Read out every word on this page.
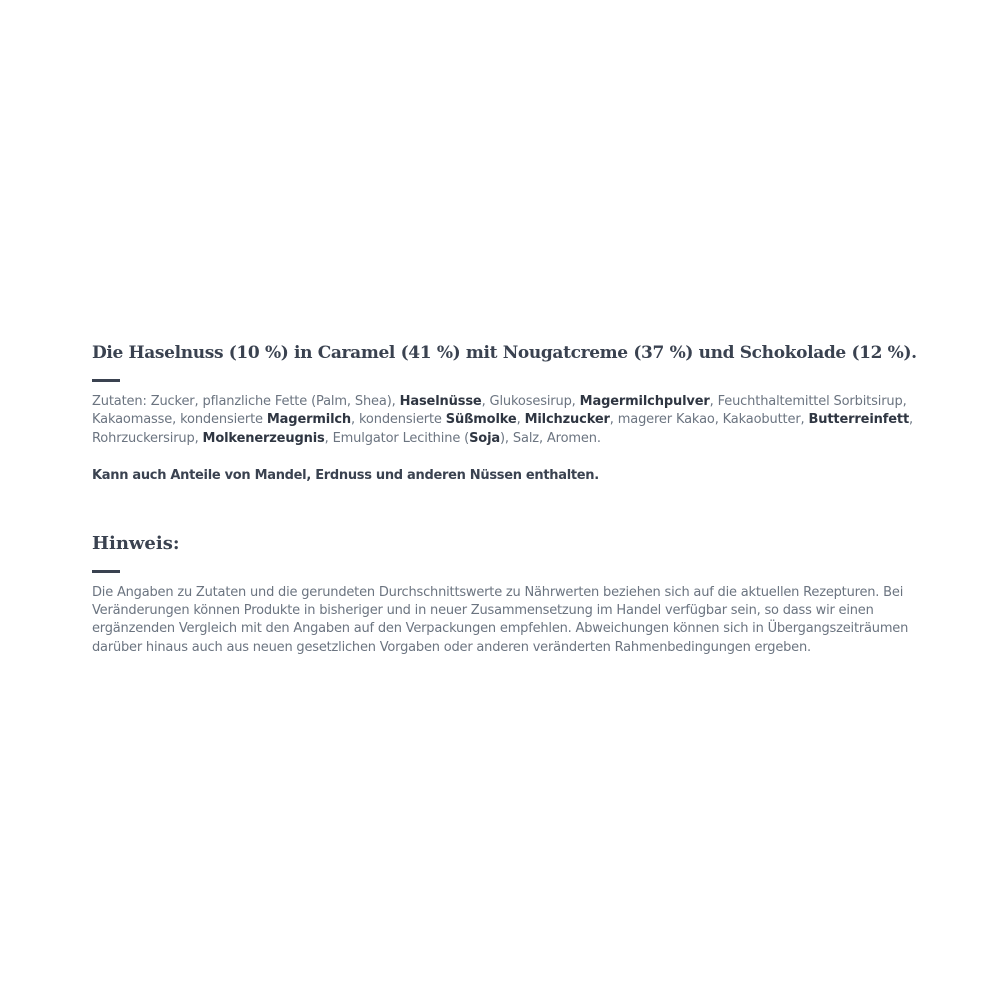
Die Haselnuss (10 %) in Caramel (41 %) mit Nougatcreme (37 %) und Schokolade (12 %).

Zutaten: Zucker, pflanzliche Fette (Palm, Shea), Haselnüsse, Glukosesirup, Magermilchpulver, Feuchthaltemittel Sorbitsirup, Kakaomasse, kondensierte Magermilch, kondensierte Süßmolke, Milchzucker, magerer Kakao, Kakaobutter, Butterreinfett, Rohrzuckersirup, Molkenerzeugnis, Emulgator Lecithine (Soja), Salz, Aromen.

Kann auch Anteile von Mandel, Erdnuss und anderen Nüssen enthalten.

Hinweis:

Die Angaben zu Zutaten und die gerundeten Durchschnittswerte zu Nährwerten beziehen sich auf die aktuellen Rezepturen. Bei Veränderungen können Produkte in bisheriger und in neuer Zusammensetzung im Handel verfügbar sein, so dass wir einen ergänzenden Vergleich mit den Angaben auf den Verpackungen empfehlen. Abweichungen können sich in Übergangszeiträumen darüber hinaus auch aus neuen gesetzlichen Vorgaben oder anderen veränderten Rahmenbedingungen ergeben.
